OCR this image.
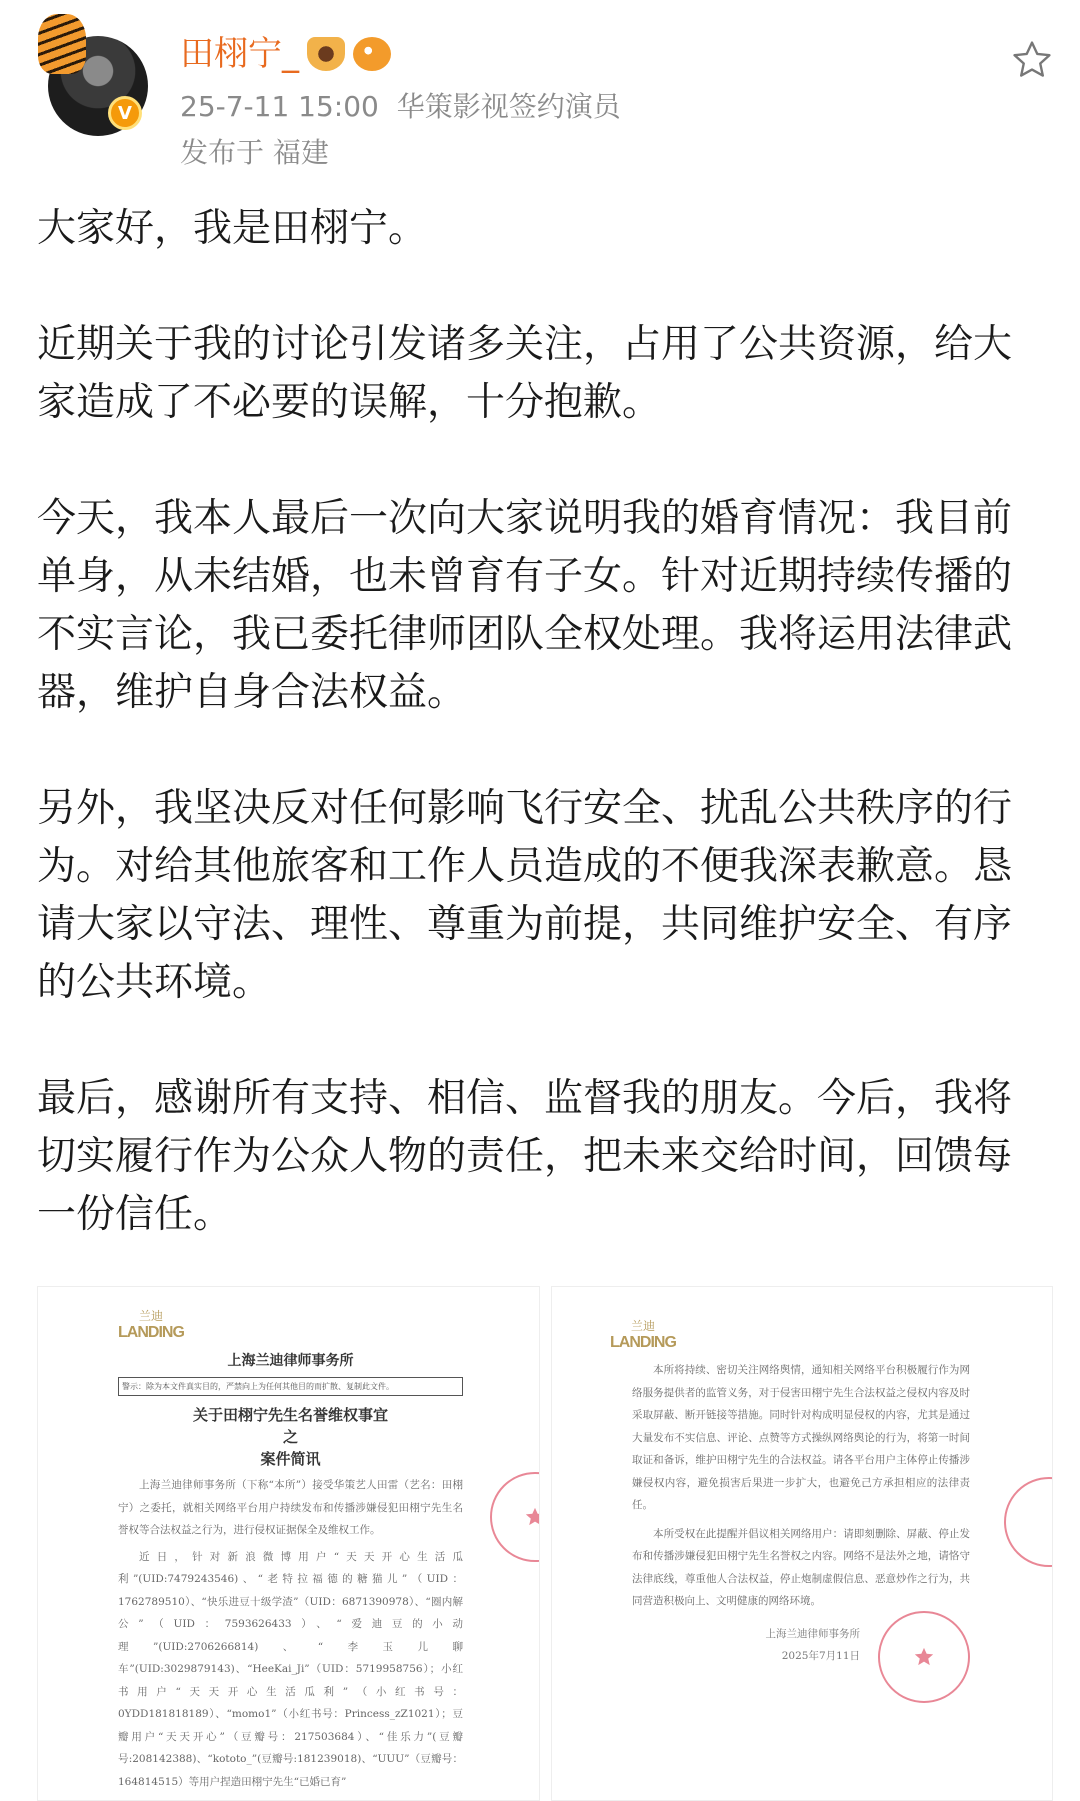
V
田栩宁_
25-7-11 15:00 华策影视签约演员
发布于 福建

大家好，我是田栩宁。

近期关于我的讨论引发诸多关注，占用了公共资源，给大家造成了不必要的误解，十分抱歉。

今天，我本人最后一次向大家说明我的婚育情况：我目前单身，从未结婚，也未曾育有子女。针对近期持续传播的不实言论，我已委托律师团队全权处理。我将运用法律武器，维护自身合法权益。

另外，我坚决反对任何影响飞行安全、扰乱公共秩序的行为。对给其他旅客和工作人员造成的不便我深表歉意。恳请大家以守法、理性、尊重为前提，共同维护安全、有序的公共环境。

最后，感谢所有支持、相信、监督我的朋友。今后，我将切实履行作为公众人物的责任，把未来交给时间，回馈每一份信任。

兰迪
LANDING
上海兰迪律师事务所
警示：除为本文件真实目的，严禁向上为任何其他目的而扩散、复制此文件。
关于田栩宁先生名誉维权事宜
之
案件简讯
上海兰迪律师事务所（下称“本所”）接受华策艺人田雷（艺名：田栩宁）之委托，就相关网络平台用户持续发布和传播涉嫌侵犯田栩宁先生名誉权等合法权益之行为，进行侵权证据保全及维权工作。
近日，针对新浪微博用户“天天开心生活瓜利”(UID:7479243546)、“老特拉福德的糖猫儿”（UID：1762789510）、“快乐进豆十级学渣”（UID：6871390978）、“圈内解公”（UID：7593626433）、“爱迪豆的小动理”(UID:2706266814)、“李玉儿聊车”(UID:3029879143)、“HeeKai_Ji”（UID：5719958756）；小红书用户“天天开心生活瓜利”（小红书号：0YDD181818189）、“momo1”（小红书号：Princess_zZ1021）；豆瓣用户“天天开心”（豆瓣号：217503684）、“佳乐力”(豆瓣号:208142388)、“kototo_”(豆瓣号:181239018)、“UUU”（豆瓣号：164814515）等用户捏造田栩宁先生“已婚已育”
兰迪
LANDING
本所将持续、密切关注网络舆情，通知相关网络平台积极履行作为网络服务提供者的监管义务，对于侵害田栩宁先生合法权益之侵权内容及时采取屏蔽、断开链接等措施。同时针对构成明显侵权的内容，尤其是通过大量发布不实信息、评论、点赞等方式操纵网络舆论的行为，将第一时间取证和备诉，维护田栩宁先生的合法权益。请各平台用户主体停止传播涉嫌侵权内容，避免损害后果进一步扩大，也避免己方承担相应的法律责任。
本所受权在此提醒并倡议相关网络用户：请即刻删除、屏蔽、停止发布和传播涉嫌侵犯田栩宁先生名誉权之内容。网络不是法外之地，请恪守法律底线，尊重他人合法权益，停止炮制虚假信息、恶意炒作之行为，共同营造积极向上、文明健康的网络环境。
上海兰迪律师事务所
2025年7月11日
